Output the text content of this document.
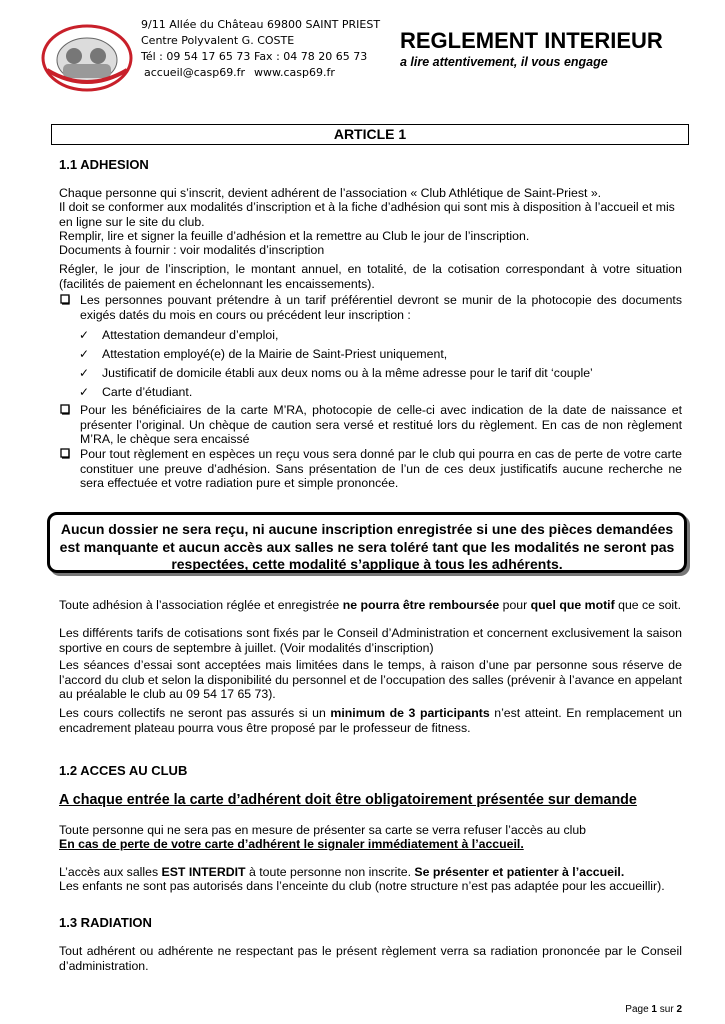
9/11 Allée du Château 69800 SAINT PRIEST
Centre Polyvalent G. COSTE
Tél : 09 54 17 65 73 Fax : 04 78 20 65 73
accueil@casp69.fr www.casp69.fr
REGLEMENT INTERIEUR
a lire attentivement, il vous engage
ARTICLE 1
1.1 ADHESION
Chaque personne qui s’inscrit, devient adhérent de l’association « Club Athlétique de Saint-Priest ».
Il doit se conformer aux modalités d’inscription et à la fiche d’adhésion qui sont mis à disposition à l’accueil et mis en ligne sur le site du club.
Remplir, lire et signer la feuille d’adhésion et la remettre au Club le jour de l’inscription.
Documents à fournir : voir modalités d’inscription
Régler, le jour de l’inscription, le montant annuel, en totalité, de la cotisation correspondant à votre situation (facilités de paiement en échelonnant les encaissements).
Les personnes pouvant prétendre à un tarif préférentiel devront se munir de la photocopie des documents exigés datés du mois en cours ou précédent leur inscription :
✓ Attestation demandeur d’emploi,
✓ Attestation employé(e) de la Mairie de Saint-Priest uniquement,
✓ Justificatif de domicile établi aux deux noms ou à la même adresse pour le tarif dit ‘couple’
✓ Carte d’étudiant.
Pour les bénéficiaires de la carte M’RA, photocopie de celle-ci avec indication de la date de naissance et présenter l’original. Un chèque de caution sera versé et restitué lors du règlement. En cas de non règlement M’RA, le chèque sera encaissé
Pour tout règlement en espèces un reçu vous sera donné par le club qui pourra en cas de perte de votre carte constituer une preuve d’adhésion. Sans présentation de l’un de ces deux justificatifs aucune recherche ne sera effectuée et votre radiation pure et simple prononcée.
Aucun dossier ne sera reçu, ni aucune inscription enregistrée si une des pièces demandées est manquante et aucun accès aux salles ne sera toléré tant que les modalités ne seront pas respectées, cette modalité s’applique à tous les adhérents.
Toute adhésion à l’association réglée et enregistrée ne pourra être remboursée pour quel que motif que ce soit.
Les différents tarifs de cotisations sont fixés par le Conseil d’Administration et concernent exclusivement la saison sportive en cours de septembre à juillet. (Voir modalités d’inscription)
Les séances d’essai sont acceptées mais limitées dans le temps, à raison d’une par personne sous réserve de l’accord du club et selon la disponibilité du personnel et de l’occupation des salles (prévenir à l’avance en appelant au préalable le club au 09 54 17 65 73).
Les cours collectifs ne seront pas assurés si un minimum de 3 participants n’est atteint. En remplacement un encadrement plateau pourra vous être proposé par le professeur de fitness.
1.2 ACCES AU CLUB
A chaque entrée la carte d’adhérent doit être obligatoirement présentée sur demande
Toute personne qui ne sera pas en mesure de présenter sa carte se verra refuser l’accès au club
En cas de perte de votre carte d’adhérent le signaler immédiatement à l’accueil.
L’accès aux salles EST INTERDIT à toute personne non inscrite. Se présenter et patienter à l’accueil.
Les enfants ne sont pas autorisés dans l’enceinte du club (notre structure n’est pas adaptée pour les accueillir).
1.3 RADIATION
Tout adhérent ou adhérente ne respectant pas le présent règlement verra sa radiation prononcée par le Conseil d’administration.
Page 1 sur 2
